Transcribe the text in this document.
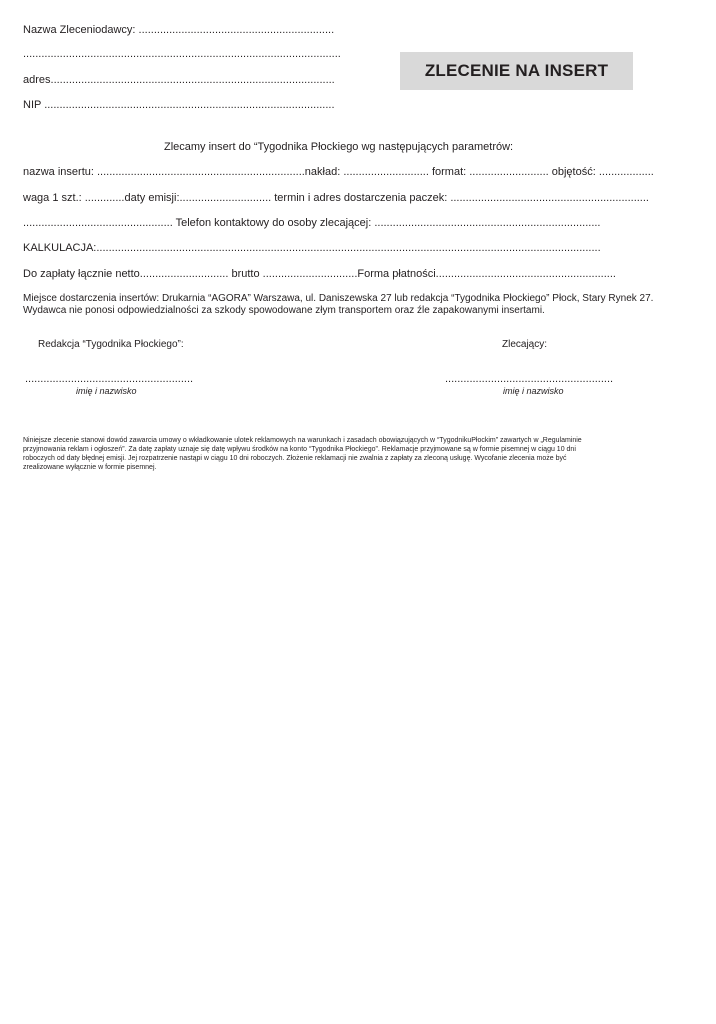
Nazwa Zleceniodawcy: ................................................................
........................................................................................................
adres.............................................................................................
NIP ...............................................................................................
ZLECENIE NA INSERT
Zlecamy insert do “Tygodnika Płockiego wg następujących parametrów:
nazwa insertu: ....................................................................nakład: ............................ format: .......................... objętość: ..................
waga 1 szt.: .............daty emisji:.............................. termin i adres dostarczenia paczek: .................................................................
................................................. Telefon kontaktowy do osoby zlecającej: ..........................................................................
KALKULACJA:.....................................................................................................................................................................
Do zapłaty łącznie netto............................. brutto ...............................Forma płatności...........................................................
Miejsce dostarczenia insertów: Drukarnia “AGORA” Warszawa, ul. Daniszewska 27 lub redakcja “Tygodnika Płockiego” Płock, Stary Rynek 27.
Wydawca nie ponosi odpowiedzialności za szkody spowodowane złym transportem oraz źle zapakowanymi insertami.
Redakcja “Tygodnika Płockiego”:	Zlecający:
.......................................................
imię i nazwisko
.......................................................
imię i nazwisko
Niniejsze zlecenie stanowi dowód zawarcia umowy o wkładkowanie ulotek reklamowych na warunkach i zasadach obowiązujących w “TygodnikuPłockim” zawartych w „Regulaminie
przyjmowania reklam i ogłoszeń”. Za datę zapłaty uznaje się datę wpływu środków na konto “Tygodnika Płockiego”. Reklamacje przyjmowane są w formie pisemnej w ciągu 10 dni
roboczych od daty błędnej emisji. Jej rozpatrzenie nastąpi w ciągu 10 dni roboczych. Złożenie reklamacji nie zwalnia z zapłaty za zleconą usługę. Wycofanie zlecenia może być
zrealizowane wyłącznie w formie pisemnej.
